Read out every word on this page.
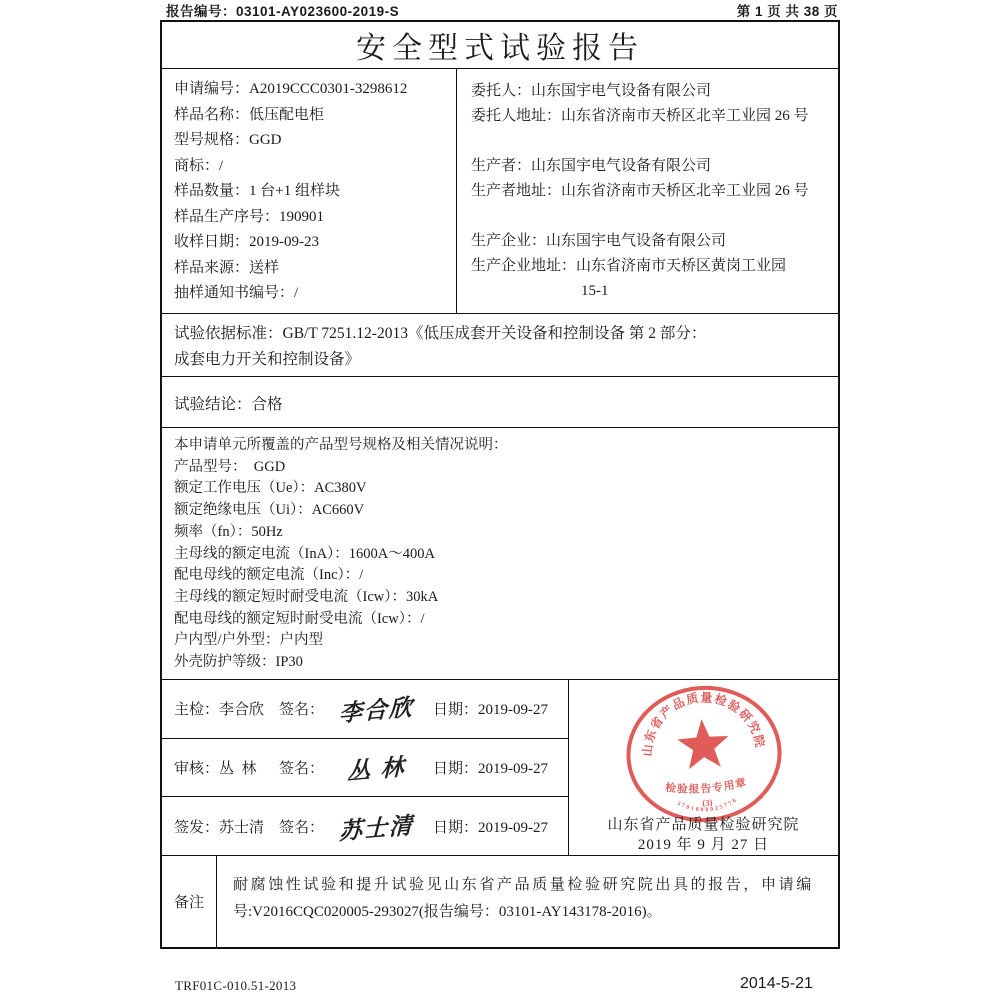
报告编号：03101-AY023600-2019-S	第 1 页 共 38 页
安全型式试验报告
申请编号：A2019CCC0301-3298612
样品名称：低压配电柜
型号规格：GGD
商标：/
样品数量：1 台+1 组样块
样品生产序号：190901
收样日期：2019-09-23
样品来源：送样
抽样通知书编号：/
委托人：山东国宇电气设备有限公司
委托人地址：山东省济南市天桥区北辛工业园 26 号
生产者：山东国宇电气设备有限公司
生产者地址：山东省济南市天桥区北辛工业园 26 号
生产企业：山东国宇电气设备有限公司
生产企业地址：山东省济南市天桥区黄岗工业园
15-1
试验依据标准：GB/T 7251.12-2013《低压成套开关设备和控制设备 第 2 部分：
成套电力开关和控制设备》
试验结论：合格
本申请单元所覆盖的产品型号规格及相关情况说明：
产品型号：  GGD
额定工作电压（Ue）：AC380V
额定绝缘电压（Ui）：AC660V
频率（fn）：50Hz
主母线的额定电流（InA）：1600A～400A
配电母线的额定电流（Inc）：/
主母线的额定短时耐受电流（Icw）：30kA
配电母线的额定短时耐受电流（Icw）：/
户内型/户外型：户内型
外壳防护等级：IP30
主检：李合欣 签名： 李合欣	日期：2019-09-27
审核：丛  林	签名：	丛 林	日期：2019-09-27
签发：苏士清 签名： 苏士清	日期：2019-09-27
山东省产品质量检验研究院
检验报告专用章
(3)
3701008025778
山东省产品质量检验研究院
2019 年 9 月 27 日
备注
耐腐蚀性试验和提升试验见山东省产品质量检验研究院出具的报告，申请编
号:V2016CQC020005-293027(报告编号：03101-AY143178-2016)。
TRF01C-010.51-2013	2014-5-21
